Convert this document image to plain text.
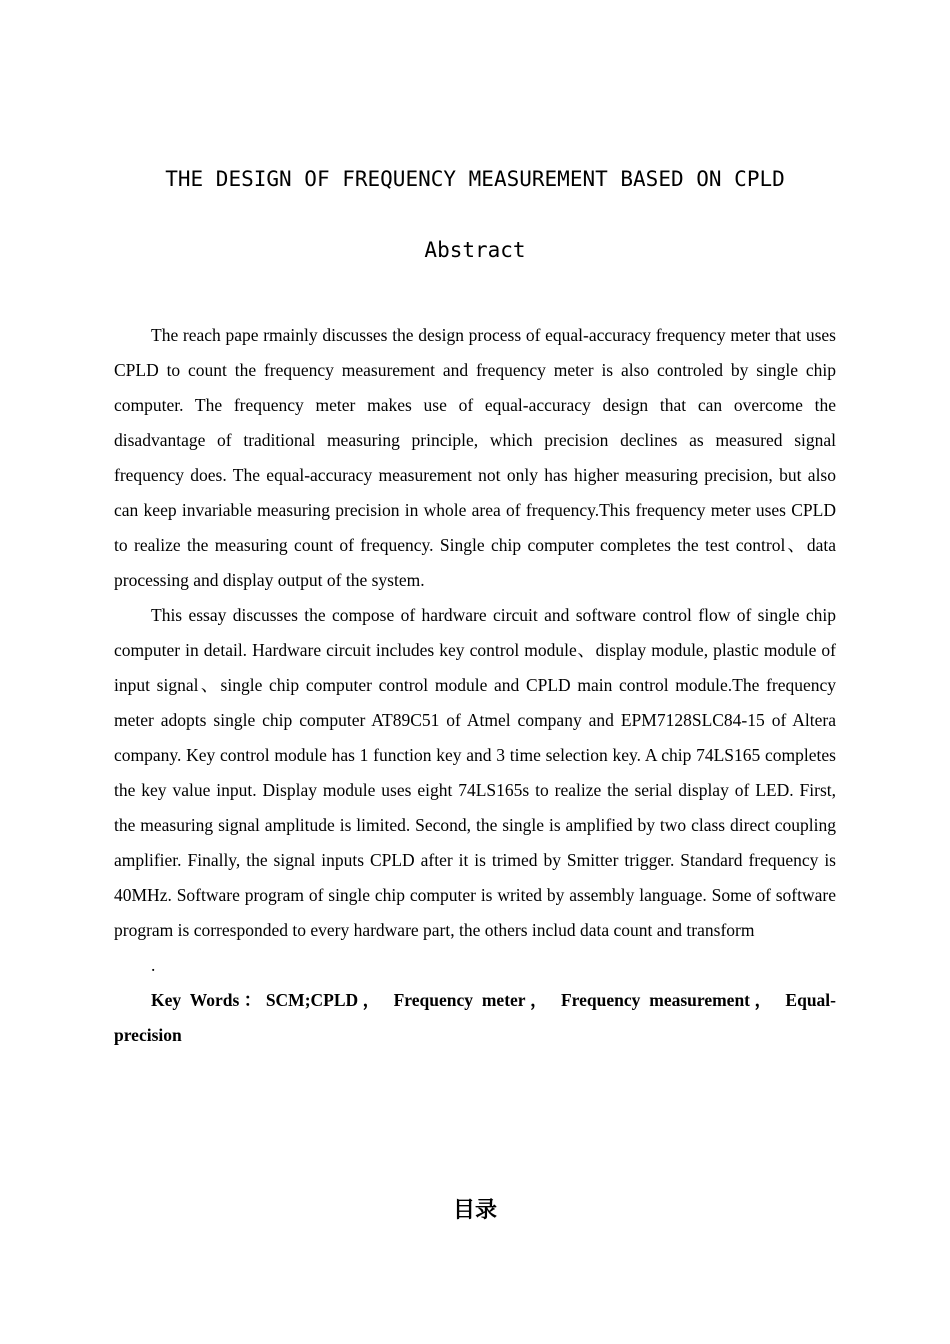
THE DESIGN OF FREQUENCY MEASUREMENT BASED ON CPLD
Abstract

The reach pape rmainly discusses the design process of equal-accuracy frequency meter that uses CPLD to count the frequency measurement and frequency meter is also controled by single chip computer. The frequency meter makes use of equal-accuracy design that can overcome the disadvantage of traditional measuring principle, which precision declines as measured signal frequency does. The equal-accuracy measurement not only has higher measuring precision, but also can keep invariable measuring precision in whole area of frequency.This frequency meter uses CPLD to realize the measuring count of frequency. Single chip computer completes the test control、data processing and display output of the system.

This essay discusses the compose of hardware circuit and software control flow of single chip computer in detail. Hardware circuit includes key control module、display module, plastic module of input signal、single chip computer control module and CPLD main control module.The frequency meter adopts single chip computer AT89C51 of Atmel company and EPM7128SLC84-15 of Altera company. Key control module has 1 function key and 3 time selection key. A chip 74LS165 completes the key value input. Display module uses eight 74LS165s to realize the serial display of LED. First, the measuring signal amplitude is limited. Second, the single is amplified by two class direct coupling amplifier. Finally, the signal inputs CPLD after it is trimed by Smitter trigger. Standard frequency is 40MHz. Software program of single chip computer is writed by assembly language. Some of software program is corresponded to every hardware part, the others includ data count and transform

.

Key Words：SCM;CPLD， Frequency meter， Frequency measurement， Equal-precision

目录
